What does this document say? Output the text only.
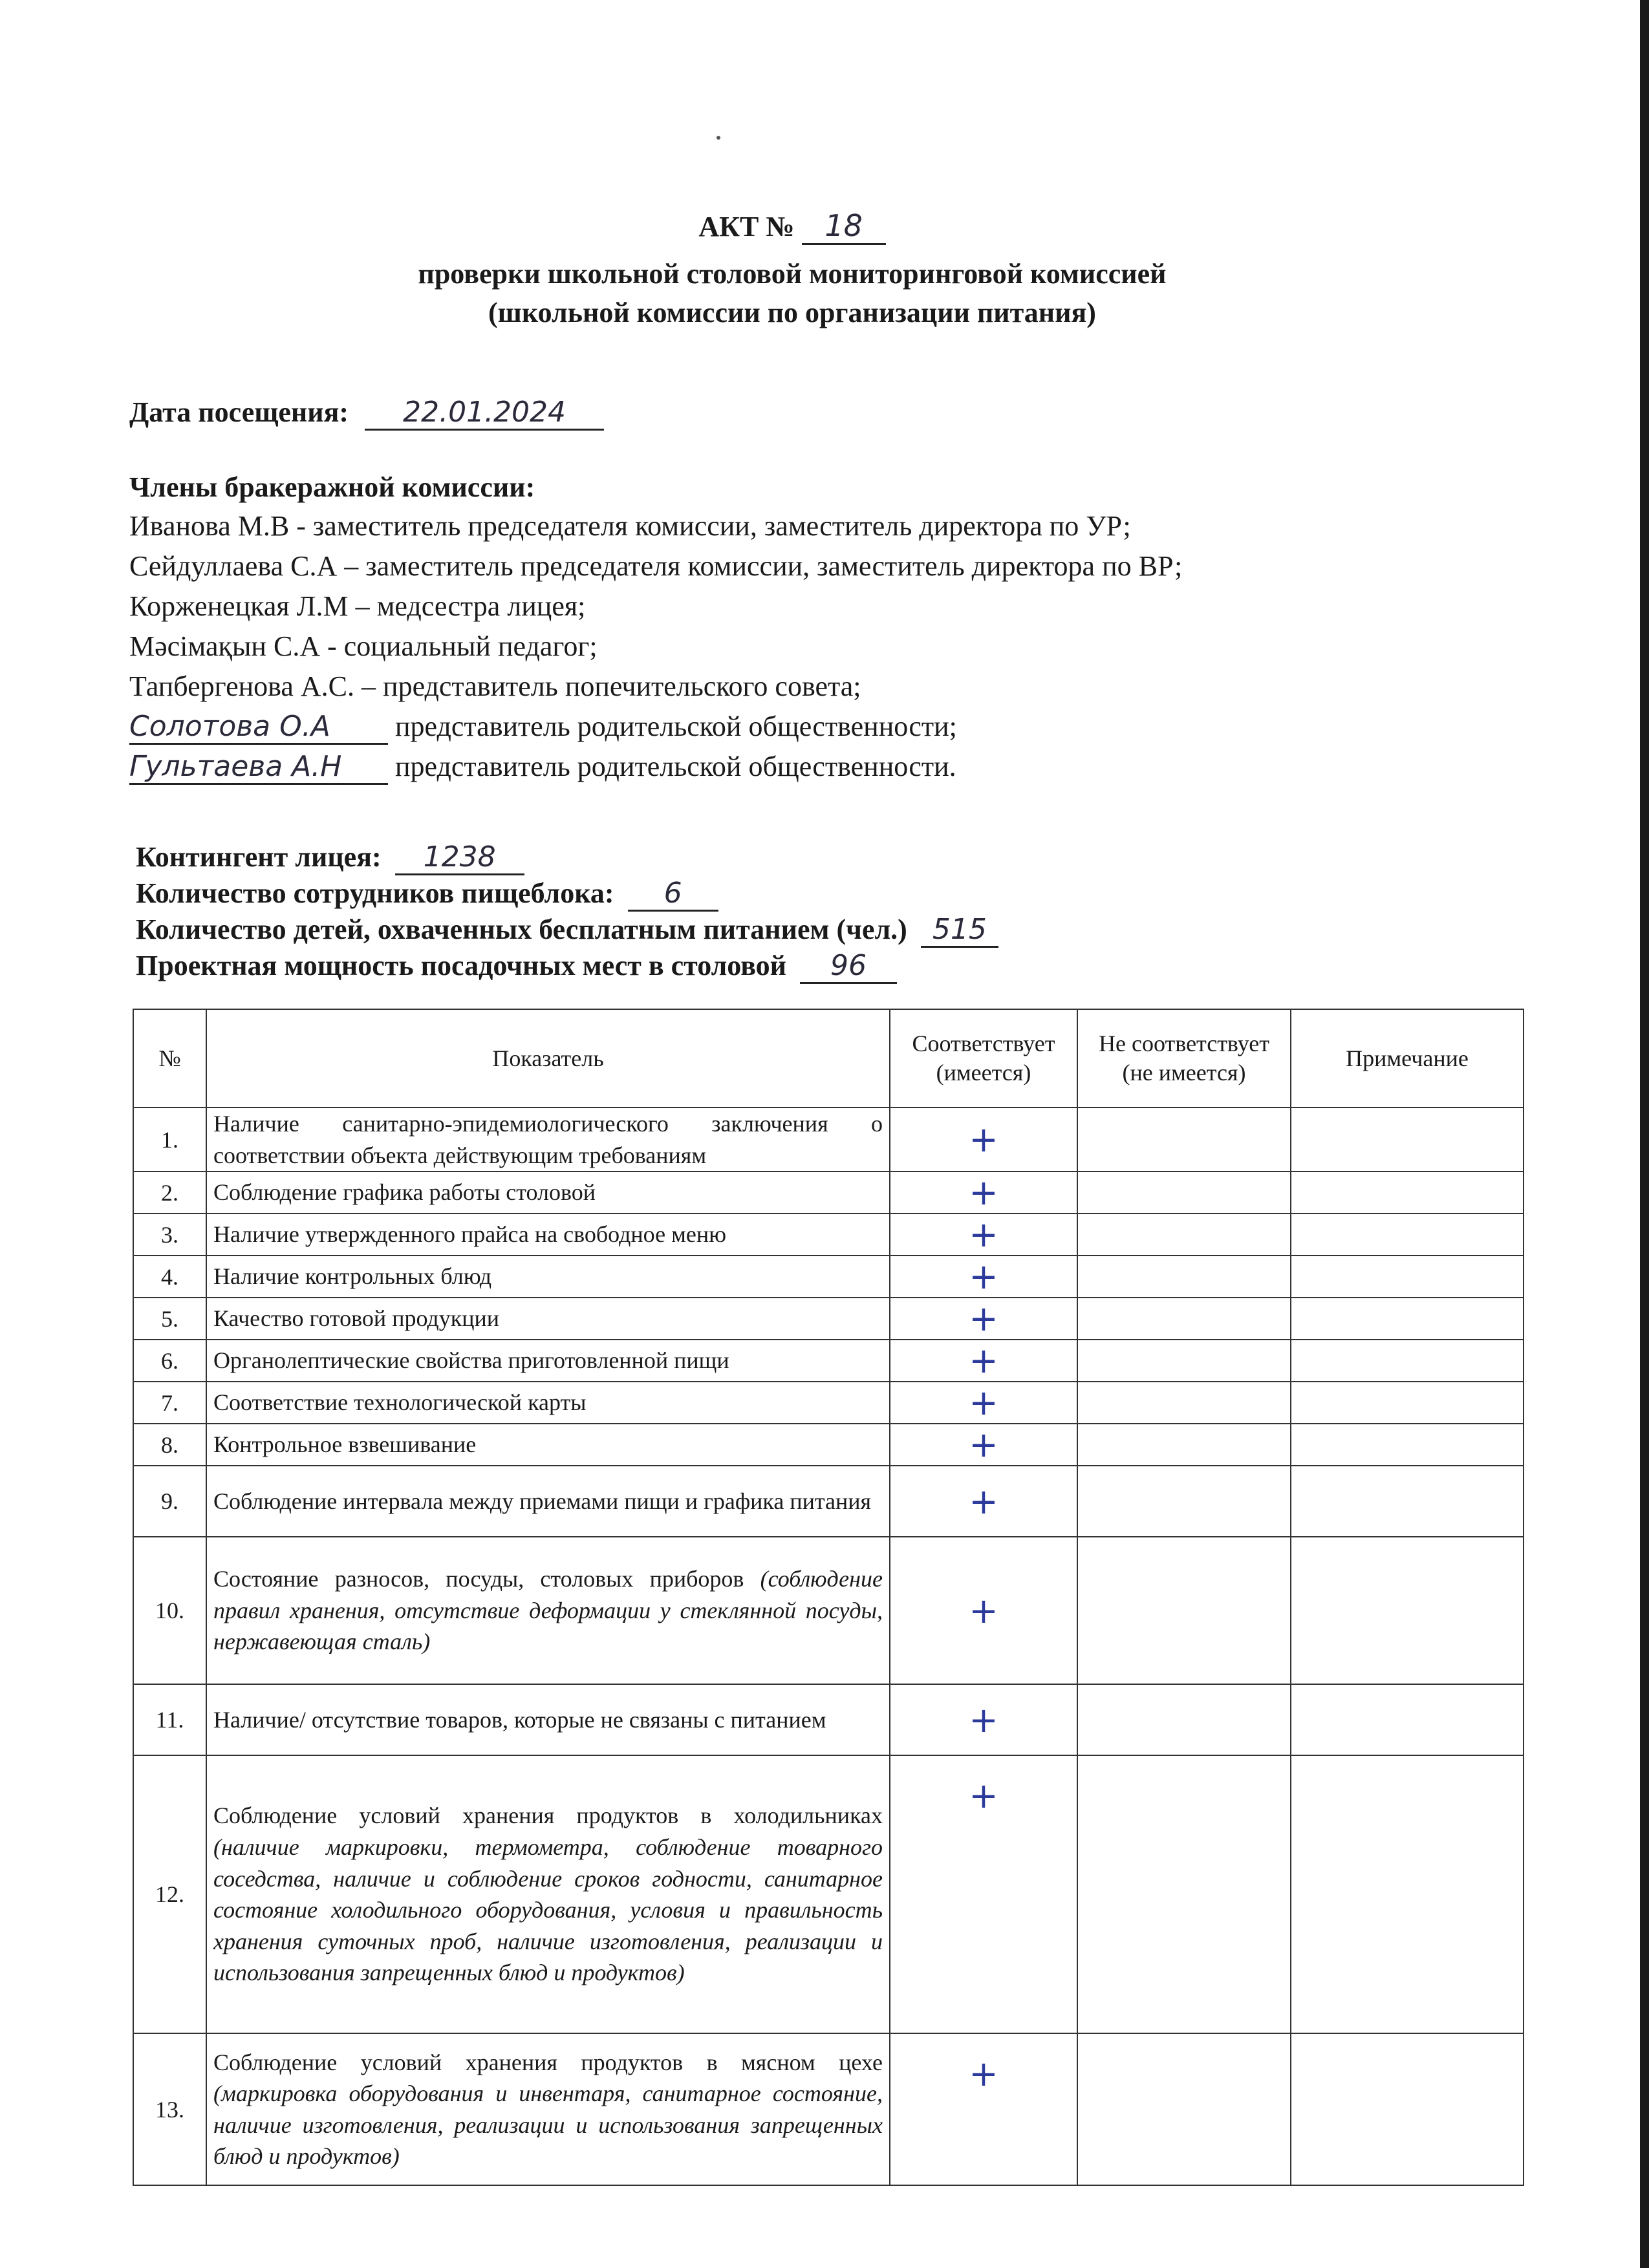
АКТ № 18
проверки школьной столовой мониторинговой комиссией
(школьной комиссии по организации питания)
Дата посещения: 22.01.2024
Члены бракеражной комиссии:
Иванова М.В - заместитель председателя комиссии, заместитель директора по УР;
Сейдуллаева С.А – заместитель председателя комиссии, заместитель директора по ВР;
Корженецкая Л.М – медсестра лицея;
Мәсімақын С.А - социальный педагог;
Тапбергенова А.С. – представитель попечительского совета;
Солотова О.А представитель родительской общественности;
Гультаева А.Н представитель родительской общественности.
Контингент лицея: 1238
Количество сотрудников пищеблока: 6
Количество детей, охваченных бесплатным питанием (чел.) 515
Проектная мощность посадочных мест в столовой 96
№	Показатель	Соответствует (имеется)	Не соответствует (не имеется)	Примечание
1.	Наличие санитарно-эпидемиологического заключения о соответствии объекта действующим требованиям	+		
2.	Соблюдение графика работы столовой	+		
3.	Наличие утвержденного прайса на свободное меню	+		
4.	Наличие контрольных блюд	+		
5.	Качество готовой продукции	+		
6.	Органолептические свойства приготовленной пищи	+		
7.	Соответствие технологической карты	+		
8.	Контрольное взвешивание	+		
9.	Соблюдение интервала между приемами пищи и графика питания	+		
10.	Состояние разносов, посуды, столовых приборов (соблюдение правил хранения, отсутствие деформации у стеклянной посуды, нержавеющая сталь)	+		
11.	Наличие/ отсутствие товаров, которые не связаны с питанием	+		
12.	Соблюдение условий хранения продуктов в холодильниках (наличие маркировки, термометра, соблюдение товарного соседства, наличие и соблюдение сроков годности, санитарное состояние холодильного оборудования, условия и правильность хранения суточных проб, наличие изготовления, реализации и использования запрещенных блюд и продуктов)	+		
13.	Соблюдение условий хранения продуктов в мясном цехе (маркировка оборудования и инвентаря, санитарное состояние, наличие изготовления, реализации и использования запрещенных блюд и продуктов)	+		
